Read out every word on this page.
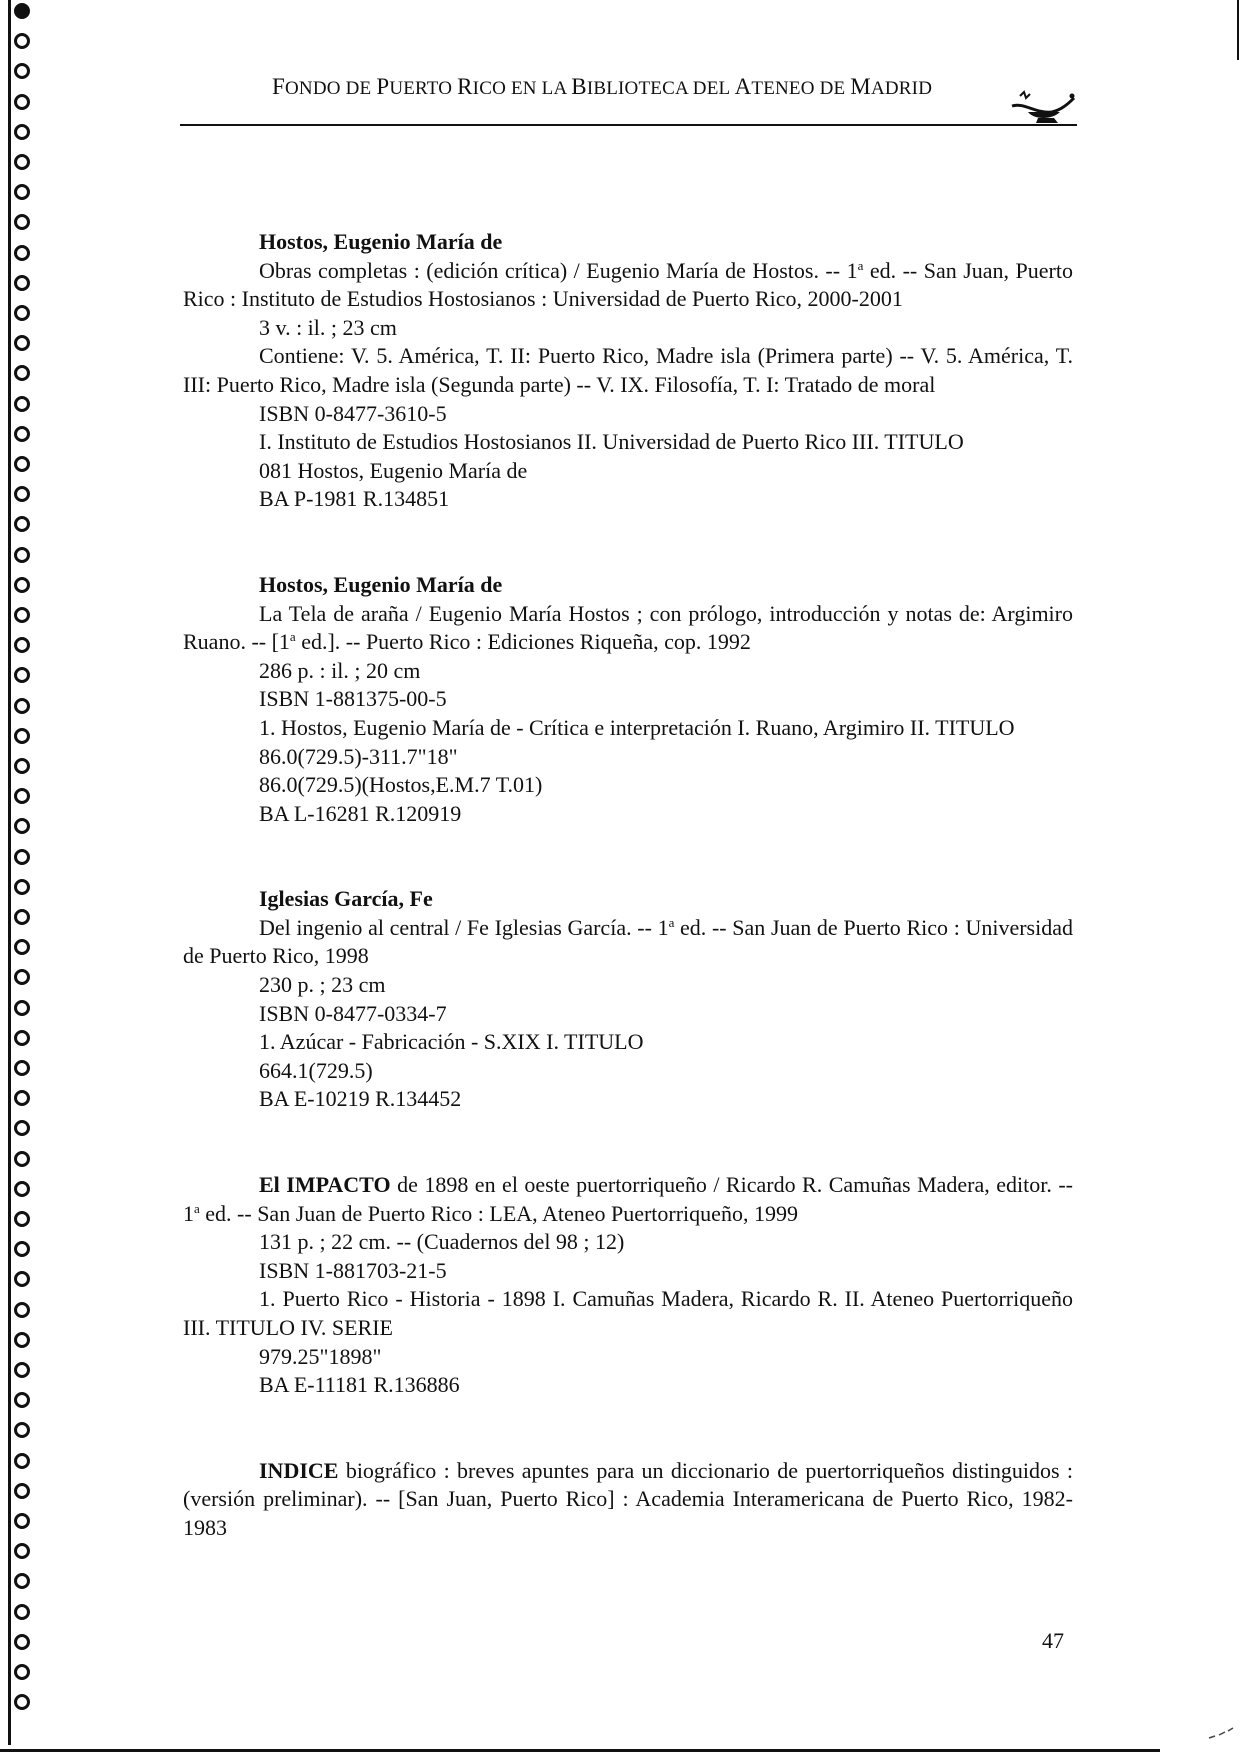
FONDO DE PUERTO RICO EN LA BIBLIOTECA DEL ATENEO DE MADRID

Hostos, Eugenio María de

Obras completas : (edición crítica) / Eugenio María de Hostos. -- 1$^a$ ed. -- San Juan, Puerto Rico : Instituto de Estudios Hostosianos : Universidad de Puerto Rico, 2000-2001

3 v. : il. ; 23 cm

Contiene: V. 5. América, T. II: Puerto Rico, Madre isla (Primera parte) -- V. 5. América, T. III: Puerto Rico, Madre isla (Segunda parte) -- V. IX. Filosofía, T. I: Tratado de moral

ISBN 0-8477-3610-5

I. Instituto de Estudios Hostosianos II. Universidad de Puerto Rico III. TITULO

081 Hostos, Eugenio María de

BA P-1981 R.134851

Hostos, Eugenio María de

La Tela de araña / Eugenio María Hostos ; con prólogo, introducción y notas de: Argimiro Ruano. -- [1$^a$ ed.]. -- Puerto Rico : Ediciones Riqueña, cop. 1992

286 p. : il. ; 20 cm

ISBN 1-881375-00-5

1. Hostos, Eugenio María de - Crítica e interpretación I. Ruano, Argimiro II. TITULO

86.0(729.5)-311.7"18"

86.0(729.5)(Hostos,E.M.7 T.01)

BA L-16281 R.120919

Iglesias García, Fe

Del ingenio al central / Fe Iglesias García. -- 1$^a$ ed. -- San Juan de Puerto Rico : Universidad de Puerto Rico, 1998

230 p. ; 23 cm

ISBN 0-8477-0334-7

1. Azúcar - Fabricación - S.XIX I. TITULO

664.1(729.5)

BA E-10219 R.134452

El IMPACTO de 1898 en el oeste puertorriqueño / Ricardo R. Camuñas Madera, editor. -- 1$^a$ ed. -- San Juan de Puerto Rico : LEA, Ateneo Puertorriqueño, 1999

131 p. ; 22 cm. -- (Cuadernos del 98 ; 12)

ISBN 1-881703-21-5

1. Puerto Rico - Historia - 1898 I. Camuñas Madera, Ricardo R. II. Ateneo Puertorriqueño III. TITULO IV. SERIE

979.25"1898"

BA E-11181 R.136886

INDICE biográfico : breves apuntes para un diccionario de puertorriqueños distinguidos : (versión preliminar). -- [San Juan, Puerto Rico] : Academia Interamericana de Puerto Rico, 1982-1983

47
